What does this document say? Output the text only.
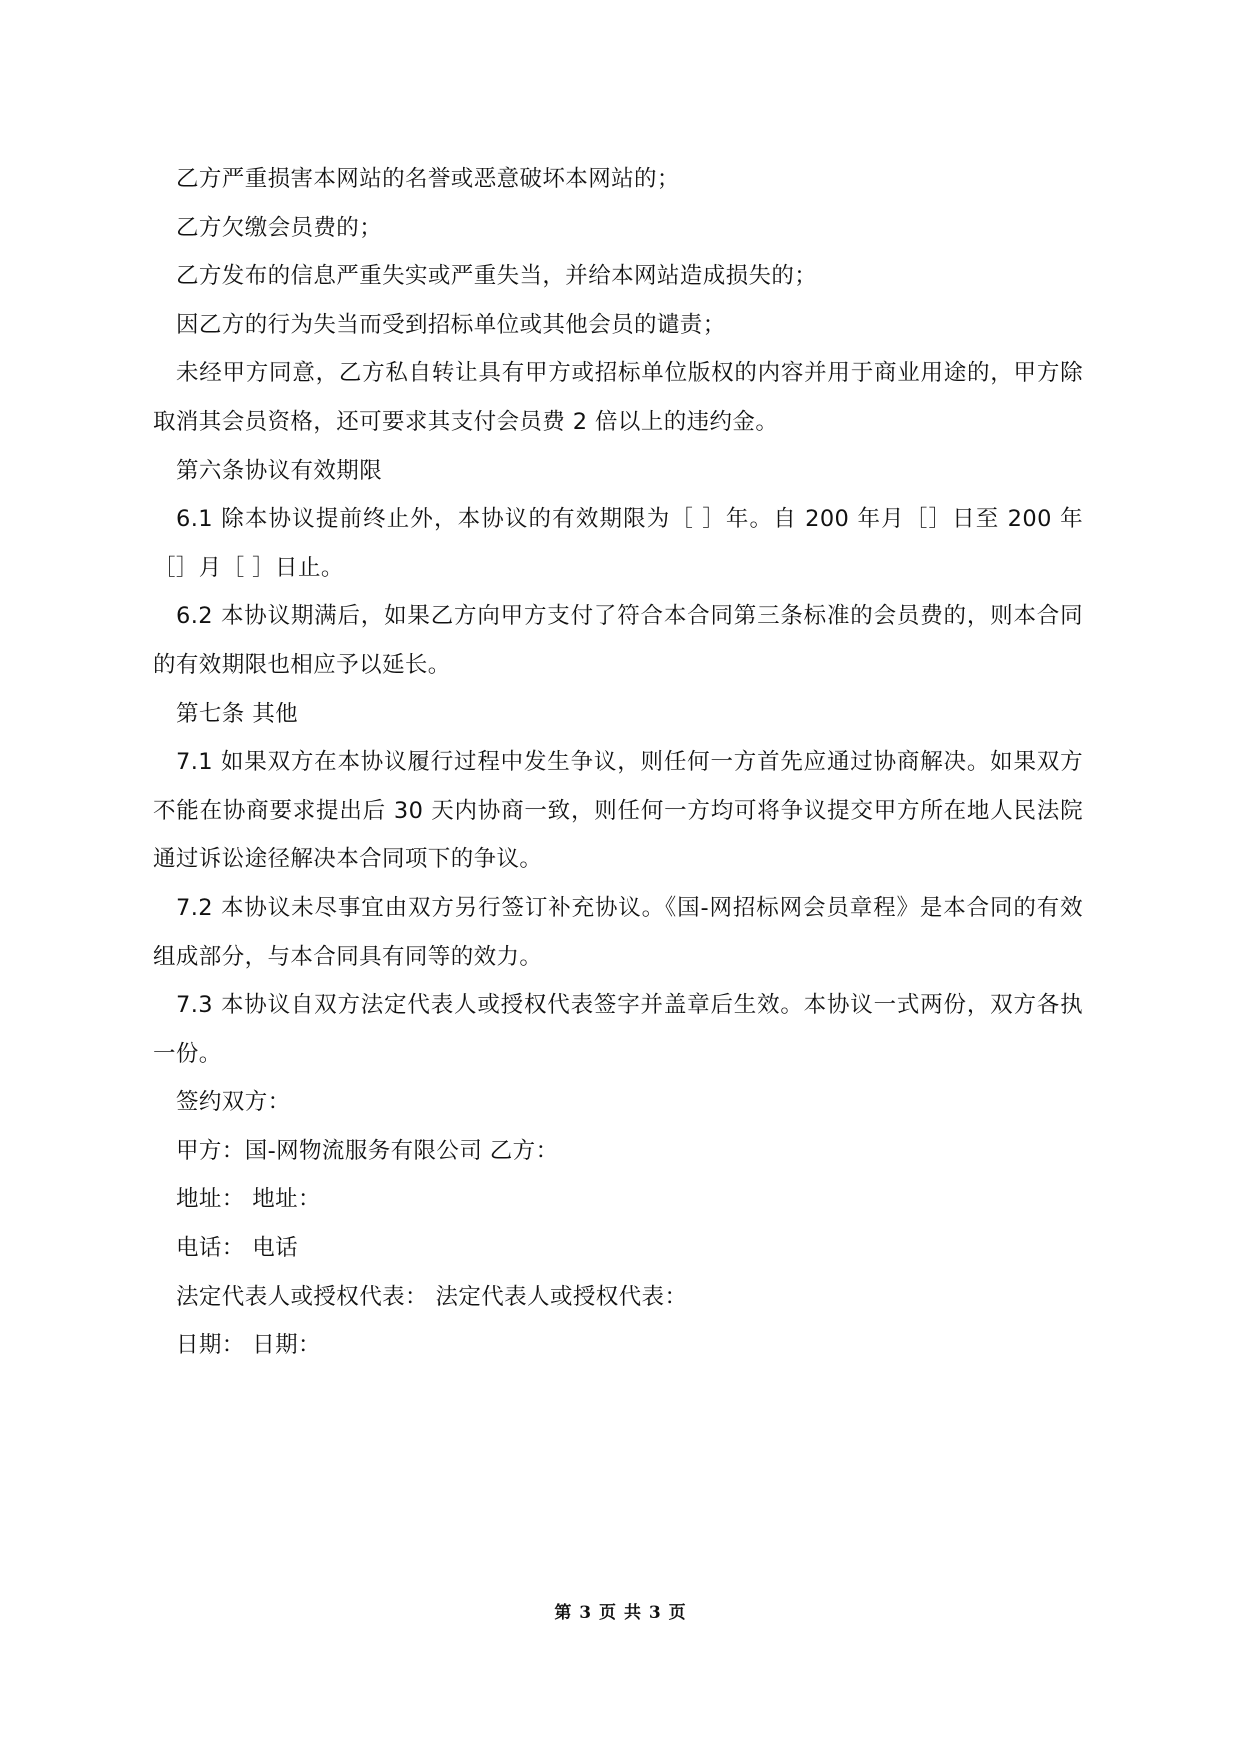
乙方严重损害本网站的名誉或恶意破坏本网站的；

乙方欠缴会员费的；

乙方发布的信息严重失实或严重失当，并给本网站造成损失的；

因乙方的行为失当而受到招标单位或其他会员的谴责；

未经甲方同意，乙方私自转让具有甲方或招标单位版权的内容并用于商业用途的，甲方除取消其会员资格，还可要求其支付会员费 2 倍以上的违约金。

第六条协议有效期限

6.1 除本协议提前终止外，本协议的有效期限为［ ］年。自 200 年月［］日至 200 年［］月［ ］日止。

6.2 本协议期满后，如果乙方向甲方支付了符合本合同第三条标准的会员费的，则本合同的有效期限也相应予以延长。

第七条 其他

7.1 如果双方在本协议履行过程中发生争议，则任何一方首先应通过协商解决。如果双方不能在协商要求提出后 30 天内协商一致，则任何一方均可将争议提交甲方所在地人民法院通过诉讼途径解决本合同项下的争议。

7.2 本协议未尽事宜由双方另行签订补充协议。《国-网招标网会员章程》是本合同的有效组成部分，与本合同具有同等的效力。

7.3 本协议自双方法定代表人或授权代表签字并盖章后生效。本协议一式两份，双方各执一份。

签约双方：

甲方：国-网物流服务有限公司 乙方：

地址： 地址：

电话： 电话

法定代表人或授权代表： 法定代表人或授权代表：

日期： 日期：

第 3 页 共 3 页
